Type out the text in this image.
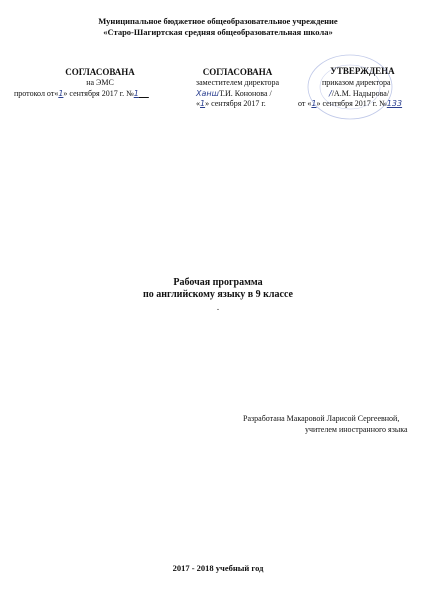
Муниципальное бюджетное общеобразовательное учреждение
«Старо-Шагиртская средняя общеобразовательная школа»
СОГЛАСОВАНА
на ЭМС
протокол от«1» сентября 2017 г. №1
СОГЛАСОВАНА
заместителем директора
ХаншТ.И. Кононова /
«1» сентября 2017 г.
УТВЕРЖДЕНА
приказом директора
//А.М. Надырова/
от «1» сентября 2017 г. №133
Рабочая программа
по английскому языку в 9 классе
.
Разработана Макаровой Ларисой Сергеевной,
учителем иностранного языка
2017 - 2018 учебный год
